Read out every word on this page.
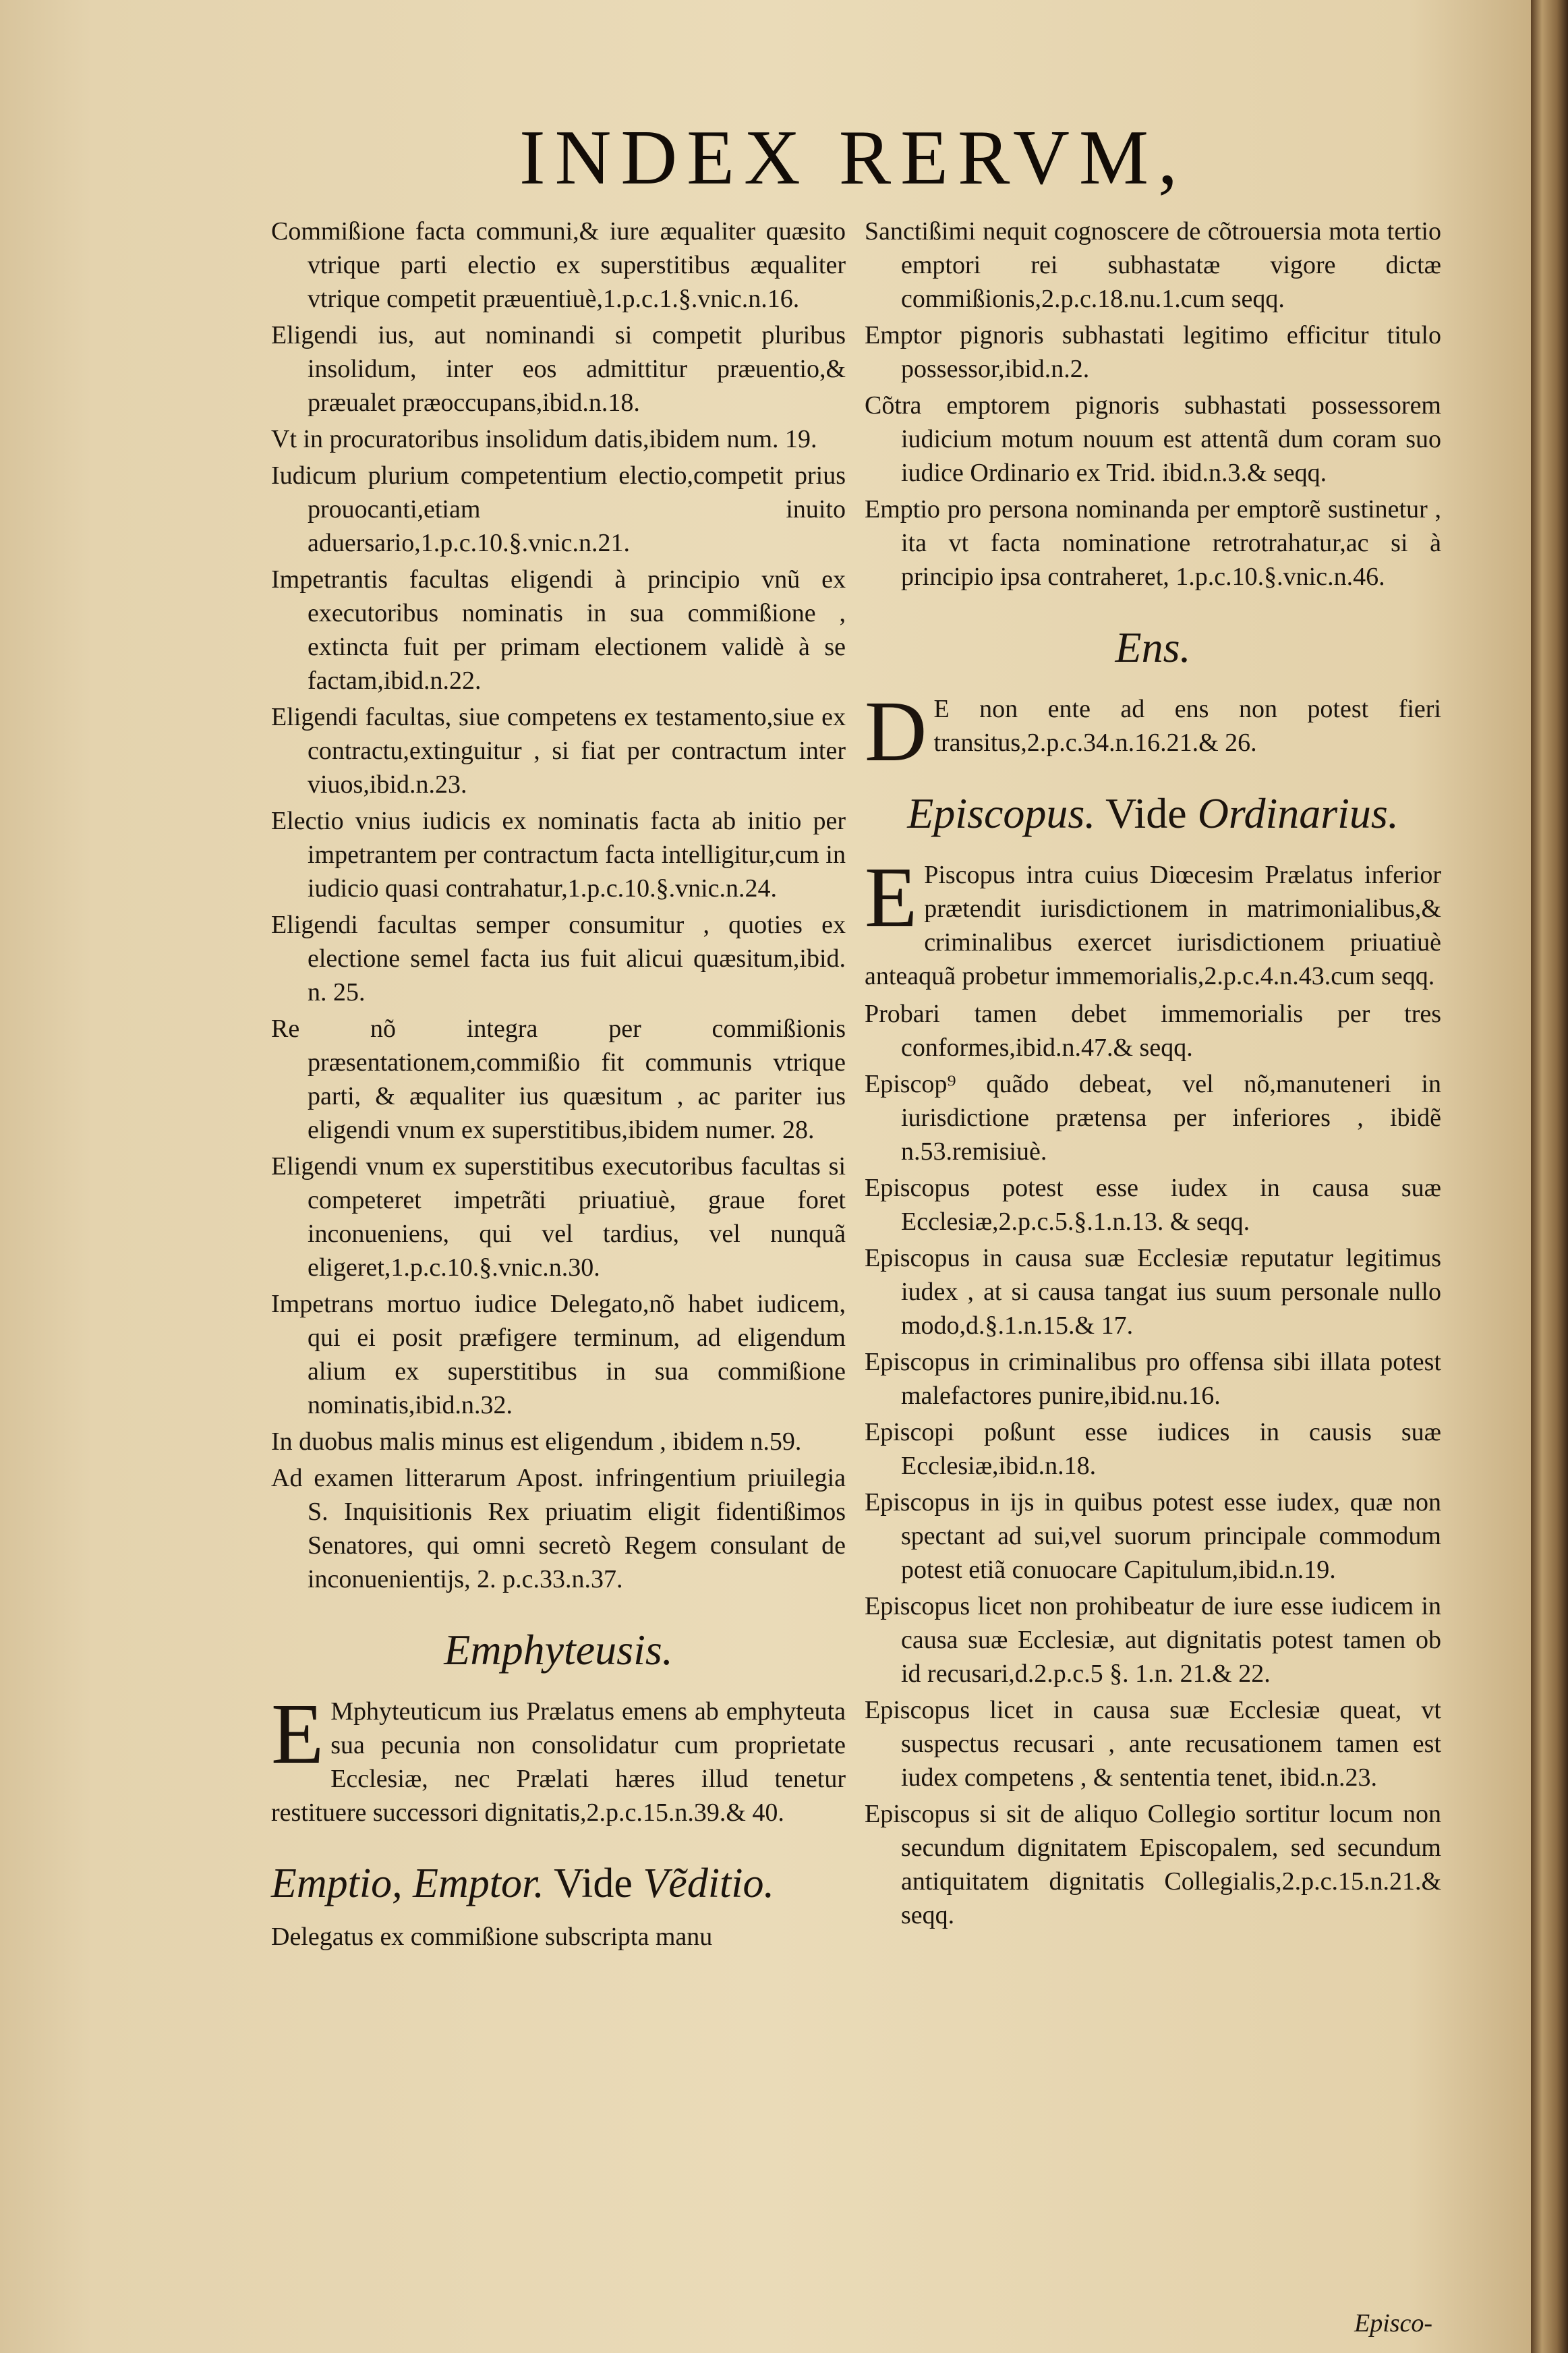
INDEX RERVM,

Commißione facta communi,& iure æqualiter quæsito vtrique parti electio ex superstitibus æqualiter vtrique competit præuentiuè,1.p.c.1.§.vnic.n.16.

Eligendi ius, aut nominandi si competit pluribus insolidum, inter eos admittitur præuentio,& præualet præoccupans,ibid.n.18.

Vt in procuratoribus insolidum datis,ibidem num. 19.

Iudicum plurium competentium electio,competit prius prouocanti,etiam inuito aduersario,1.p.c.10.§.vnic.n.21.

Impetrantis facultas eligendi à principio vnũ ex executoribus nominatis in sua commißione , extincta fuit per primam electionem validè à se factam,ibid.n.22.

Eligendi facultas, siue competens ex testamento,siue ex contractu,extinguitur , si fiat per contractum inter viuos,ibid.n.23.

Electio vnius iudicis ex nominatis facta ab initio per impetrantem per contractum facta intelligitur,cum in iudicio quasi contrahatur,1.p.c.10.§.vnic.n.24.

Eligendi facultas semper consumitur , quoties ex electione semel facta ius fuit alicui quæsitum,ibid. n. 25.

Re nõ integra per commißionis præsentationem,commißio fit communis vtrique parti, & æqualiter ius quæsitum , ac pariter ius eligendi vnum ex superstitibus,ibidem numer. 28.

Eligendi vnum ex superstitibus executoribus facultas si competeret impetrãti priuatiuè, graue foret inconueniens, qui vel tardius, vel nunquã eligeret,1.p.c.10.§.vnic.n.30.

Impetrans mortuo iudice Delegato,nõ habet iudicem, qui ei posit præfigere terminum, ad eligendum alium ex superstitibus in sua commißione nominatis,ibid.n.32.

In duobus malis minus est eligendum , ibidem n.59.

Ad examen litterarum Apost. infringentium priuilegia S. Inquisitionis Rex priuatim eligit fidentißimos Senatores, qui omni secretò Regem consulant de inconuenientijs, 2. p.c.33.n.37.

Emphyteusis.

E Mphyteuticum ius Prælatus emens ab emphyteuta sua pecunia non consolidatur cum proprietate Ecclesiæ, nec Prælati hæres illud tenetur restituere successori dignitatis,2.p.c.15.n.39.& 40.

Emptio, Emptor. Vide Vẽditio.

Delegatus ex commißione subscripta manu

Sanctißimi nequit cognoscere de cõtrouersia mota tertio emptori rei subhastatæ vigore dictæ commißionis,2.p.c.18.nu.1.cum seqq.

Emptor pignoris subhastati legitimo efficitur titulo possessor,ibid.n.2.

Cõtra emptorem pignoris subhastati possessorem iudicium motum nouum est attentã dum coram suo iudice Ordinario ex Trid. ibid.n.3.& seqq.

Emptio pro persona nominanda per emptorẽ sustinetur , ita vt facta nominatione retrotrahatur,ac si à principio ipsa contraheret, 1.p.c.10.§.vnic.n.46.

Ens.

D E non ente ad ens non potest fieri transitus,2.p.c.34.n.16.21.& 26.

Episcopus. Vide Ordinarius.

E Piscopus intra cuius Diœcesim Prælatus inferior prætendit iurisdictionem in matrimonialibus,& criminalibus exercet iurisdictionem priuatiuè anteaquã probetur immemorialis,2.p.c.4.n.43.cum seqq.

Probari tamen debet immemorialis per tres conformes,ibid.n.47.& seqq.

Episcop⁹ quãdo debeat, vel nõ,manuteneri in iurisdictione prætensa per inferiores , ibidẽ n.53.remisiuè.

Episcopus potest esse iudex in causa suæ Ecclesiæ,2.p.c.5.§.1.n.13. & seqq.

Episcopus in causa suæ Ecclesiæ reputatur legitimus iudex , at si causa tangat ius suum personale nullo modo,d.§.1.n.15.& 17.

Episcopus in criminalibus pro offensa sibi illata potest malefactores punire,ibid.nu.16.

Episcopi poßunt esse iudices in causis suæ Ecclesiæ,ibid.n.18.

Episcopus in ijs in quibus potest esse iudex, quæ non spectant ad sui,vel suorum principale commodum potest etiã conuocare Capitulum,ibid.n.19.

Episcopus licet non prohibeatur de iure esse iudicem in causa suæ Ecclesiæ, aut dignitatis potest tamen ob id recusari,d.2.p.c.5 §. 1.n. 21.& 22.

Episcopus licet in causa suæ Ecclesiæ queat, vt suspectus recusari , ante recusationem tamen est iudex competens , & sententia tenet, ibid.n.23.

Episcopus si sit de aliquo Collegio sortitur locum non secundum dignitatem Episcopalem, sed secundum antiquitatem dignitatis Collegialis,2.p.c.15.n.21.& seqq.

Episco-
